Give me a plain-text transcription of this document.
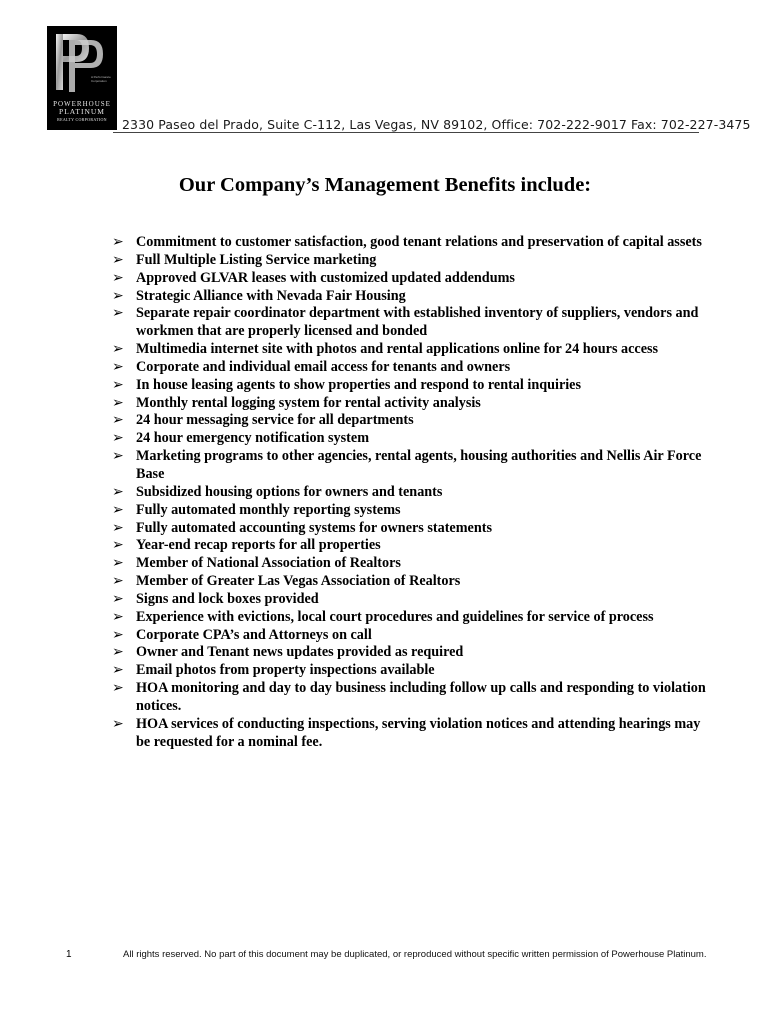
A Performance Corporation
POWERHOUSE
PLATINUM
REALTY CORPORATION	2330 Paseo del Prado, Suite C-112, Las Vegas, NV 89102, Office: 702-222-9017 Fax: 702-227-3475
Our Company’s Management Benefits include:
➢ Commitment to customer satisfaction, good tenant relations and preservation of capital assets
➢ Full Multiple Listing Service marketing
➢ Approved GLVAR leases with customized updated addendums
➢ Strategic Alliance with Nevada Fair Housing
➢ Separate repair coordinator department with established inventory of suppliers, vendors and workmen that are properly licensed and bonded
➢ Multimedia internet site with photos and rental applications online for 24 hours access
➢ Corporate and individual email access for tenants and owners
➢ In house leasing agents to show properties and respond to rental inquiries
➢ Monthly rental logging system for rental activity analysis
➢ 24 hour messaging service for all departments
➢ 24 hour emergency notification system
➢ Marketing programs to other agencies, rental agents, housing authorities and Nellis Air Force Base
➢ Subsidized housing options for owners and tenants
➢ Fully automated monthly reporting systems
➢ Fully automated accounting systems for owners statements
➢ Year-end recap reports for all properties
➢ Member of National Association of Realtors
➢ Member of Greater Las Vegas Association of Realtors
➢ Signs and lock boxes provided
➢ Experience with evictions, local court procedures and guidelines for service of process
➢ Corporate CPA’s and Attorneys on call
➢ Owner and Tenant news updates provided as required
➢ Email photos from property inspections available
➢ HOA monitoring and day to day business including follow up calls and responding to violation notices.
➢ HOA services of conducting inspections, serving violation notices and attending hearings may be requested for a nominal fee.
1	All rights reserved. No part of this document may be duplicated, or reproduced without specific written permission of Powerhouse Platinum.
